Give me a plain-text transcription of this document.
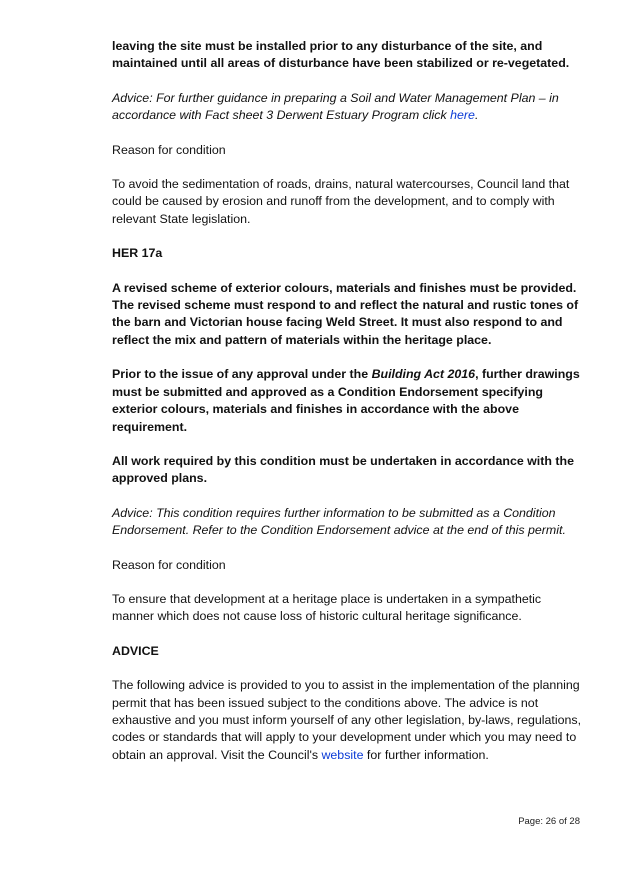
leaving the site must be installed prior to any disturbance of the site, and maintained until all areas of disturbance have been stabilized or re-vegetated.

Advice: For further guidance in preparing a Soil and Water Management Plan – in accordance with Fact sheet 3 Derwent Estuary Program click here.

Reason for condition

To avoid the sedimentation of roads, drains, natural watercourses, Council land that could be caused by erosion and runoff from the development, and to comply with relevant State legislation.

HER 17a

A revised scheme of exterior colours, materials and finishes must be provided. The revised scheme must respond to and reflect the natural and rustic tones of the barn and Victorian house facing Weld Street. It must also respond to and reflect the mix and pattern of materials within the heritage place.

Prior to the issue of any approval under the Building Act 2016, further drawings must be submitted and approved as a Condition Endorsement specifying exterior colours, materials and finishes in accordance with the above requirement.

All work required by this condition must be undertaken in accordance with the approved plans.

Advice: This condition requires further information to be submitted as a Condition Endorsement. Refer to the Condition Endorsement advice at the end of this permit.

Reason for condition

To ensure that development at a heritage place is undertaken in a sympathetic manner which does not cause loss of historic cultural heritage significance.

ADVICE

The following advice is provided to you to assist in the implementation of the planning permit that has been issued subject to the conditions above. The advice is not exhaustive and you must inform yourself of any other legislation, by-laws, regulations, codes or standards that will apply to your development under which you may need to obtain an approval. Visit the Council's website for further information.

Page: 26 of 28
